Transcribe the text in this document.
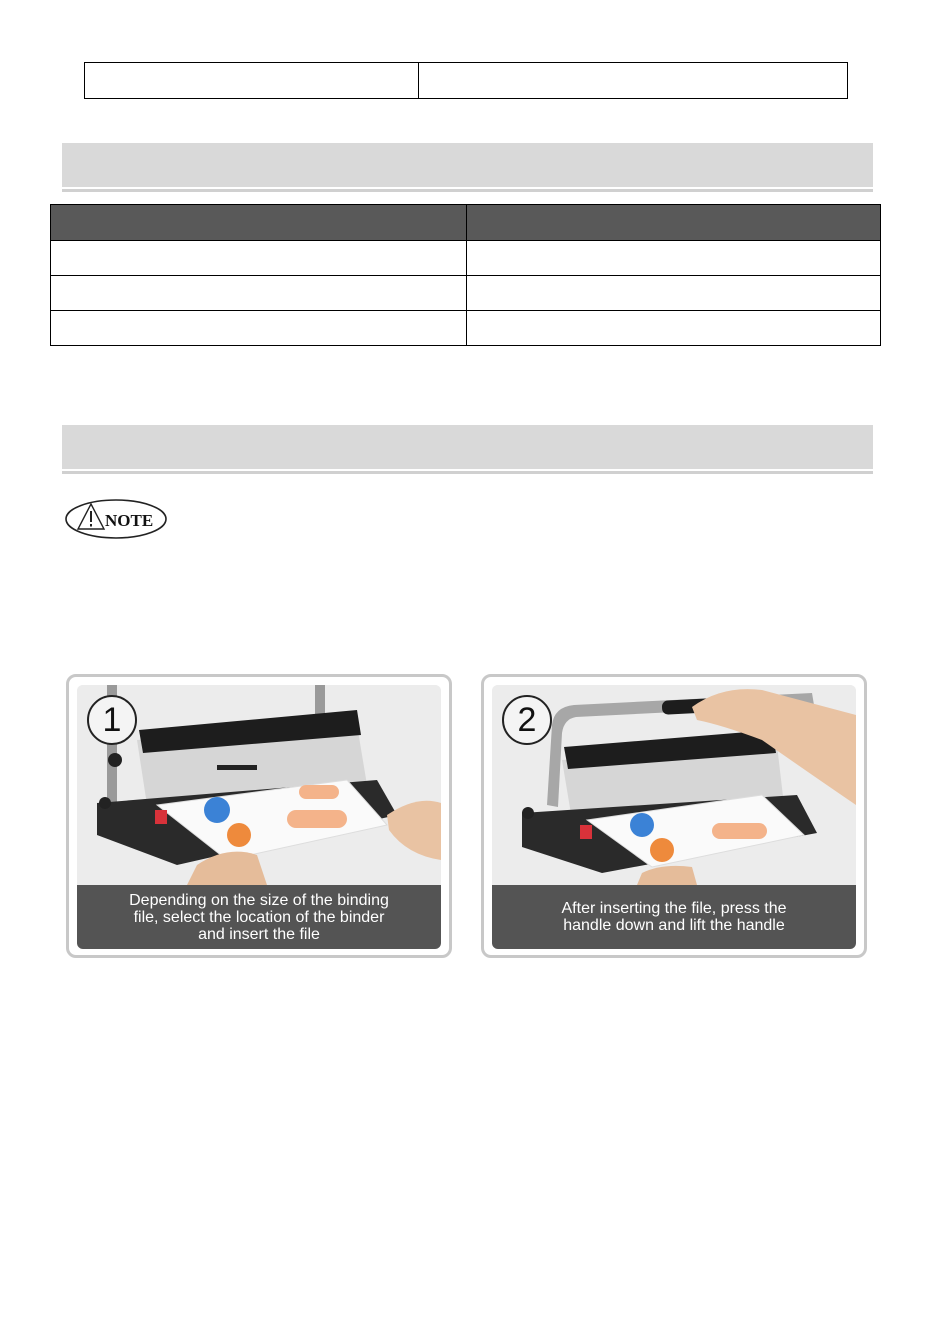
NOTE
1
Depending on the size of the binding
file, select the location of the binder
and insert the file
2
After inserting the file, press the
handle down and lift the handle
